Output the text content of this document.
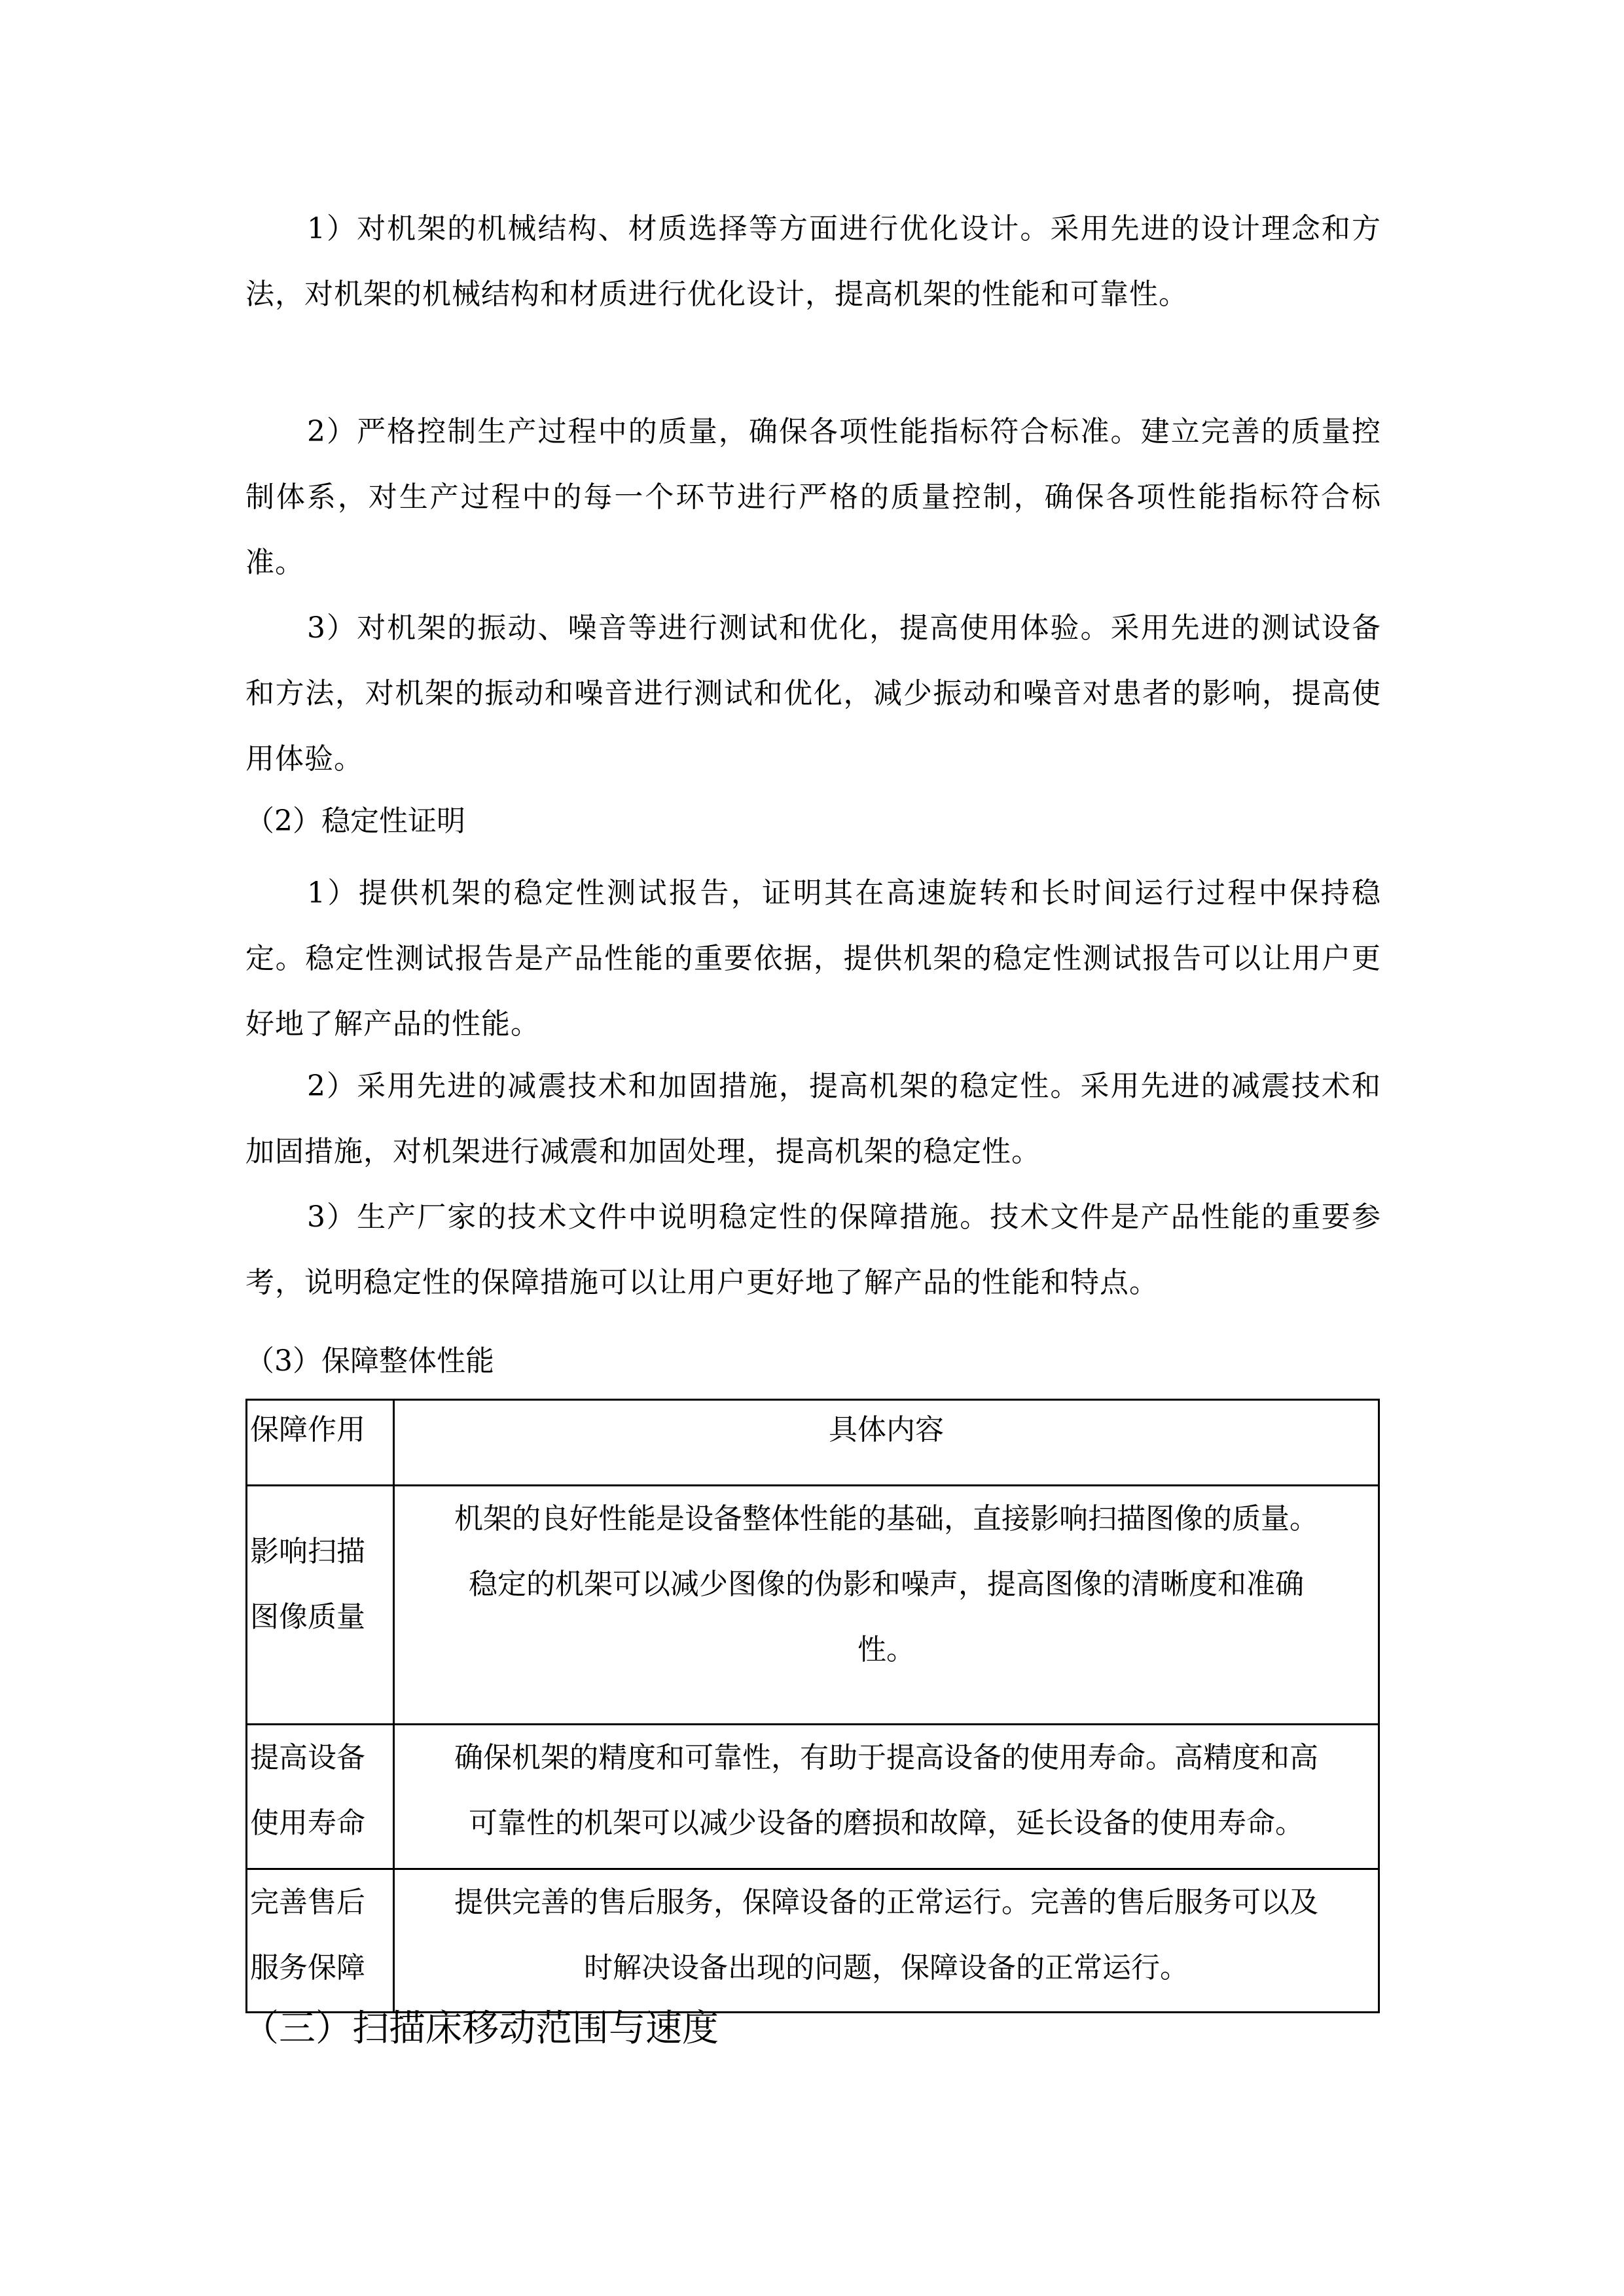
1）对机架的机械结构、材质选择等方面进行优化设计。采用先进的设计理念和方法，对机架的机械结构和材质进行优化设计，提高机架的性能和可靠性。

2）严格控制生产过程中的质量，确保各项性能指标符合标准。建立完善的质量控制体系，对生产过程中的每一个环节进行严格的质量控制，确保各项性能指标符合标准。

3）对机架的振动、噪音等进行测试和优化，提高使用体验。采用先进的测试设备和方法，对机架的振动和噪音进行测试和优化，减少振动和噪音对患者的影响，提高使用体验。

（2）稳定性证明

1）提供机架的稳定性测试报告，证明其在高速旋转和长时间运行过程中保持稳定。稳定性测试报告是产品性能的重要依据，提供机架的稳定性测试报告可以让用户更好地了解产品的性能。

2）采用先进的减震技术和加固措施，提高机架的稳定性。采用先进的减震技术和加固措施，对机架进行减震和加固处理，提高机架的稳定性。

3）生产厂家的技术文件中说明稳定性的保障措施。技术文件是产品性能的重要参考，说明稳定性的保障措施可以让用户更好地了解产品的性能和特点。

（3）保障整体性能
保障作用	具体内容

影响扫描
图像质量	机架的良好性能是设备整体性能的基础，直接影响扫描图像的质量。
稳定的机架可以减少图像的伪影和噪声，提高图像的清晰度和准确
性。

提高设备
使用寿命	确保机架的精度和可靠性，有助于提高设备的使用寿命。高精度和高
可靠性的机架可以减少设备的磨损和故障，延长设备的使用寿命。

完善售后
服务保障	提供完善的售后服务，保障设备的正常运行。完善的售后服务可以及
时解决设备出现的问题，保障设备的正常运行。
（三）扫描床移动范围与速度
